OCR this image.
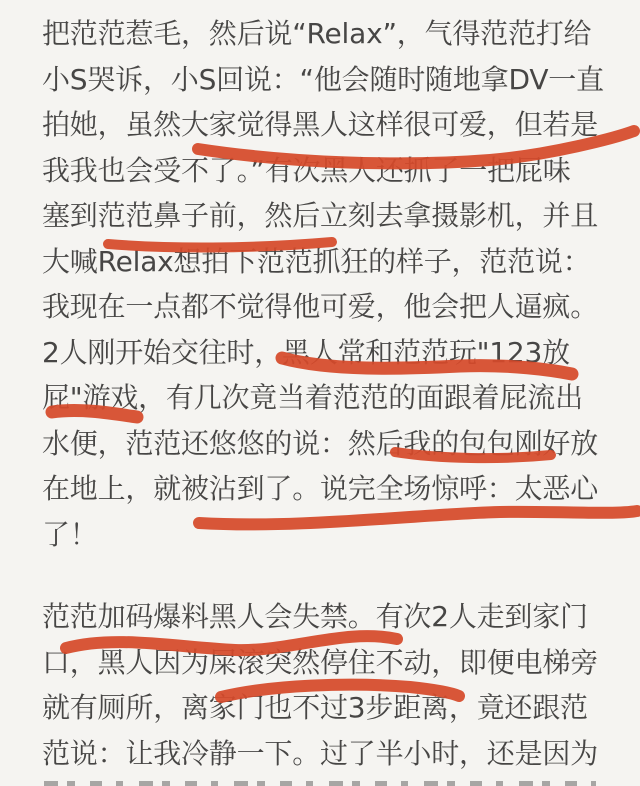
把范范惹毛，然后说“Relax”，气得范范打给
小S哭诉，小S回说：“他会随时随地拿DV一直
拍她，虽然大家觉得黑人这样很可爱，但若是
我我也会受不了。”有次黑人还抓了一把屁味
塞到范范鼻子前，然后立刻去拿摄影机，并且
大喊Relax想拍下范范抓狂的样子，范范说：
我现在一点都不觉得他可爱，他会把人逼疯。
2人刚开始交往时，黑人常和范范玩"123放
屁"游戏，有几次竟当着范范的面跟着屁流出
水便，范范还悠悠的说：然后我的包包刚好放
在地上，就被沾到了。说完全场惊呼：太恶心
了！
范范加码爆料黑人会失禁。有次2人走到家门
口，黑人因为屎滚突然停住不动，即便电梯旁
就有厕所，离家门也不过3步距离，竟还跟范
范说：让我冷静一下。过了半小时，还是因为
